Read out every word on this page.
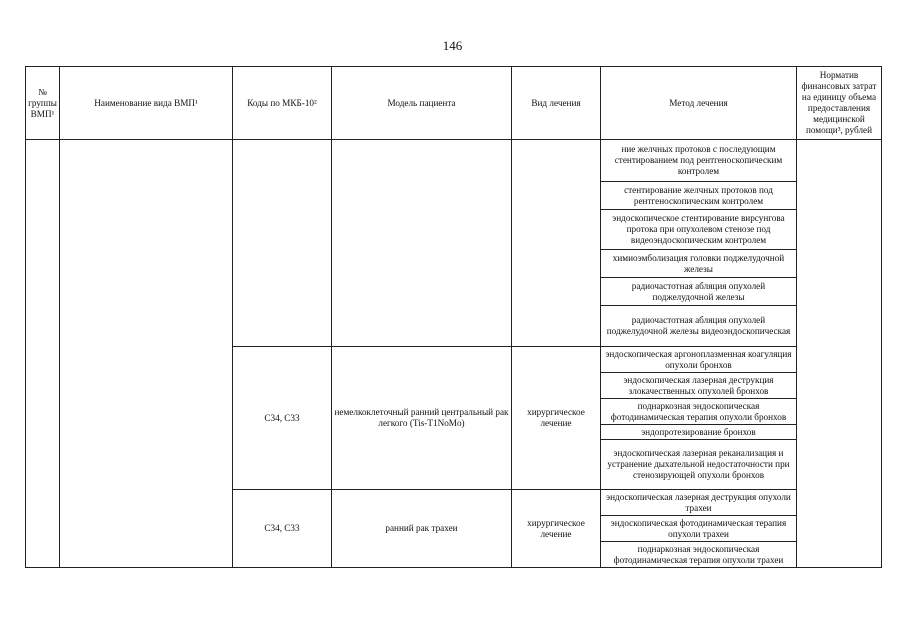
146
№ группы ВМП¹	Наименование вида ВМП¹	Коды по МКБ-10²	Модель пациента	Вид лечения	Метод лечения	Норматив финансовых затрат на единицу объема предоставления медицинской помощи³, рублей
					ние желчных протоков с последующим стентированием под рентгеноскопическим контролем	
					стентирование желчных протоков под рентгеноскопическим контролем	
					эндоскопическое стентирование вирсунгова протока при опухолевом стенозе под видеоэндоскопическим контролем	
					химиоэмболизация головки поджелудочной железы	
					радиочастотная абляция опухолей поджелудочной железы	
					радиочастотная абляция опухолей поджелудочной железы видеоэндоскопическая	
		C34, C33	немелкоклеточный ранний центральный рак легкого (Tis-T1NoMo)	хирургическое лечение	эндоскопическая аргоноплазменная коагуляция опухоли бронхов	
					эндоскопическая лазерная деструкция злокачественных опухолей бронхов	
					поднаркозная эндоскопическая фотодинамическая терапия опухоли бронхов	
					эндопротезирование бронхов	
					эндоскопическая лазерная реканализация и устранение дыхательной недостаточности при стенозирующей опухоли бронхов	
		C34, C33	ранний рак трахеи	хирургическое лечение	эндоскопическая лазерная деструкция опухоли трахеи	
					эндоскопическая фотодинамическая терапия опухоли трахеи	
					поднаркозная эндоскопическая фотодинамическая терапия опухоли трахеи	
